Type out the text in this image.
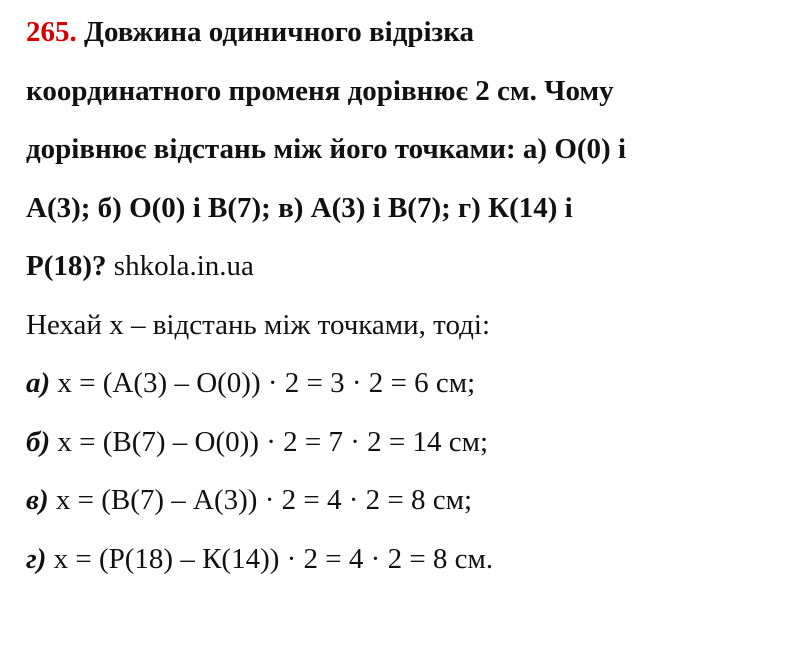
265. Довжина одиничного відрізка
координатного променя дорівнює 2 см. Чому
дорівнює відстань між його точками: а) О(0) і
А(3); б) О(0) і В(7); в) А(3) і В(7); г) К(14) і
Р(18)? shkola.in.ua
Нехай x – відстань між точками, тоді:
а) x = (А(3) – О(0)) · 2 = 3 · 2 = 6 см;
б) x = (В(7) – О(0)) · 2 = 7 · 2 = 14 см;
в) x = (В(7) – А(3)) · 2 = 4 · 2 = 8 см;
г) x = (Р(18) – К(14)) · 2 = 4 · 2 = 8 см.
